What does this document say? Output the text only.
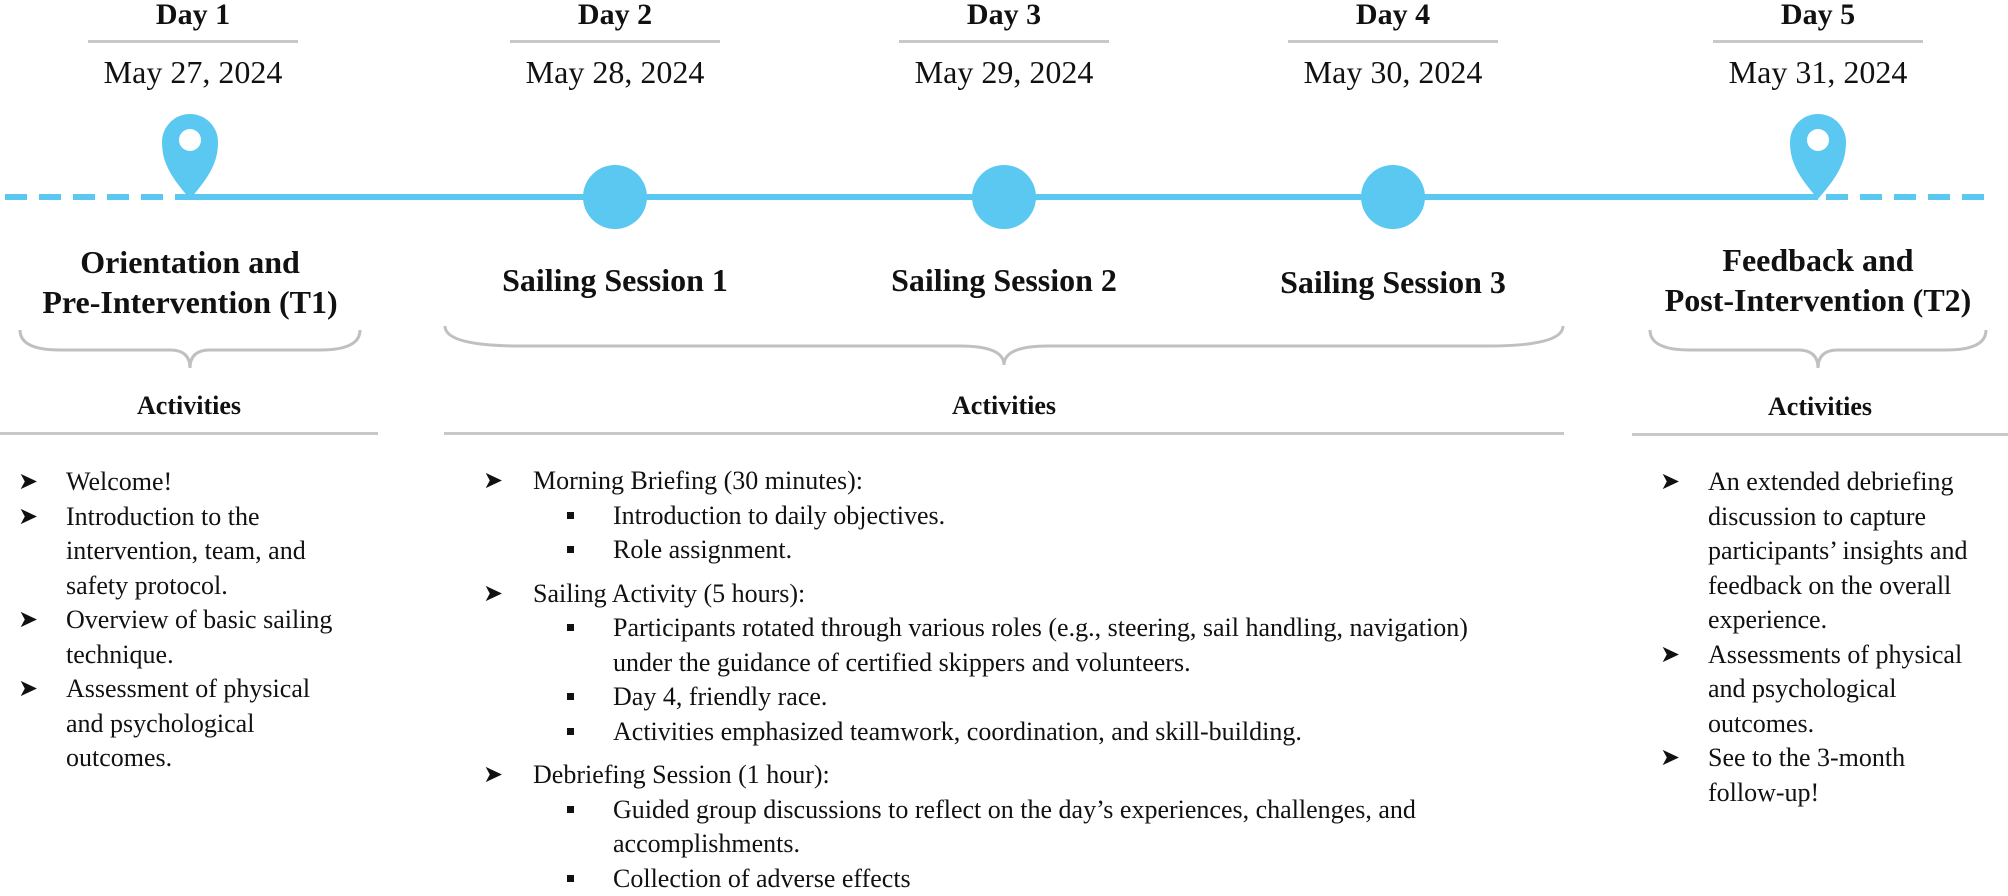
Day 1
May 27, 2024
Day 2
May 28, 2024
Day 3
May 29, 2024
Day 4
May 30, 2024
Day 5
May 31, 2024
Orientation and
Pre-Intervention (T1)
Sailing Session 1	Sailing Session 2	Sailing Session 3
Feedback and
Post-Intervention (T2)
Activities	Activities	Activities
➤ Welcome!
➤ Introduction to the
intervention, team, and
safety protocol.
➤ Overview of basic sailing
technique.
➤ Assessment of physical
and psychological
outcomes.
➤ Morning Briefing (30 minutes):
Introduction to daily objectives.
Role assignment.
➤ Sailing Activity (5 hours):
Participants rotated through various roles (e.g., steering, sail handling, navigation)
under the guidance of certified skippers and volunteers.
Day 4, friendly race.
Activities emphasized teamwork, coordination, and skill-building.
➤ Debriefing Session (1 hour):
Guided group discussions to reflect on the day’s experiences, challenges, and
accomplishments.
Collection of adverse effects
➤ An extended debriefing
discussion to capture
participants’ insights and
feedback on the overall
experience.
➤ Assessments of physical
and psychological
outcomes.
➤ See to the 3-month
follow-up!
